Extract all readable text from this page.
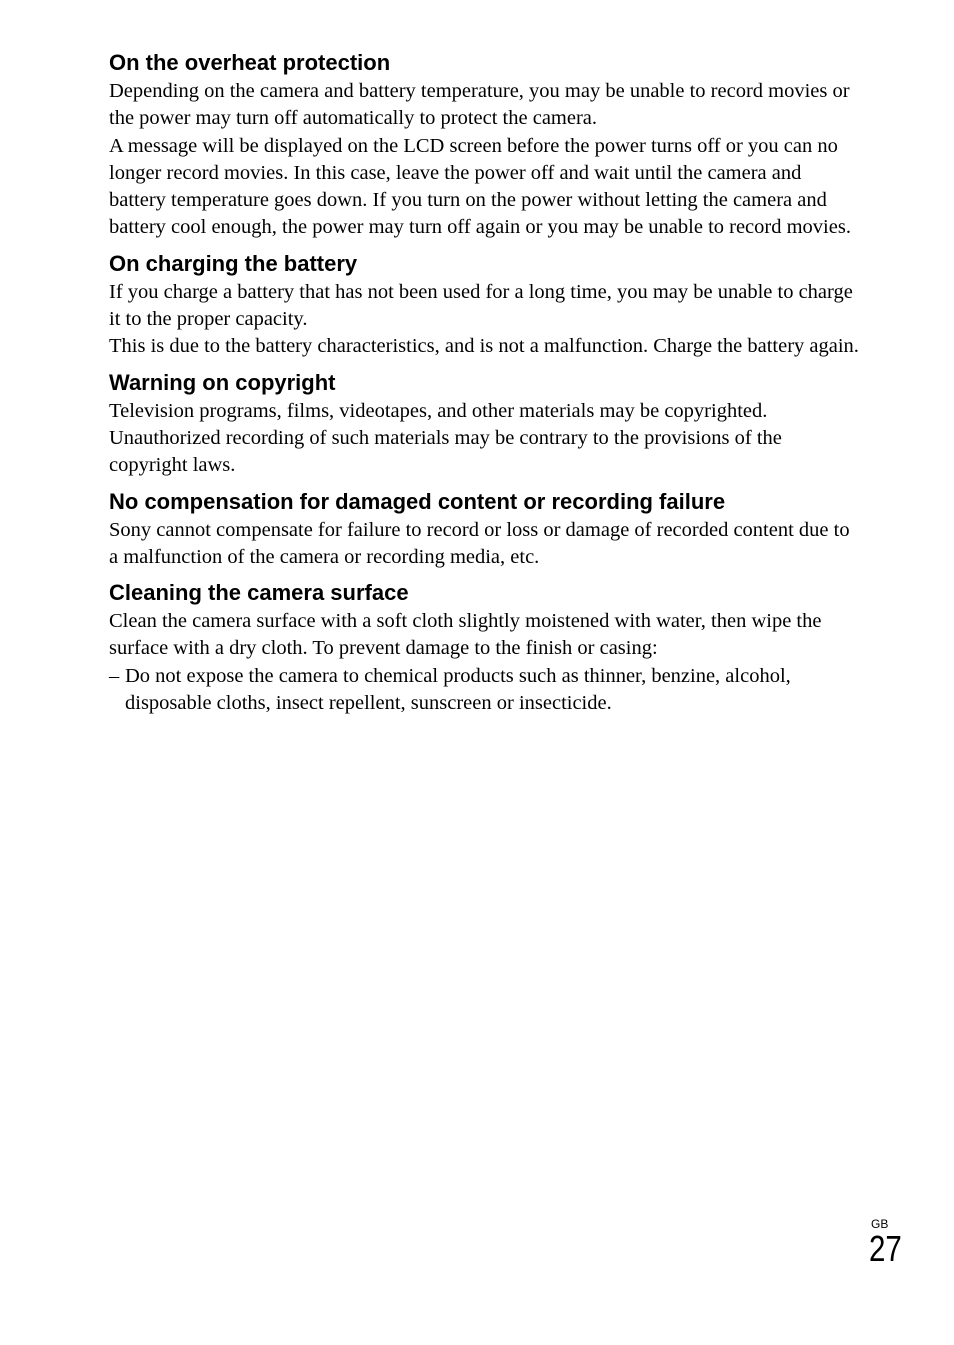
On the overheat protection

Depending on the camera and battery temperature, you may be unable to record movies or the power may turn off automatically to protect the camera.

A message will be displayed on the LCD screen before the power turns off or you can no longer record movies. In this case, leave the power off and wait until the camera and battery temperature goes down. If you turn on the power without letting the camera and battery cool enough, the power may turn off again or you may be unable to record movies.

On charging the battery

If you charge a battery that has not been used for a long time, you may be unable to charge it to the proper capacity.

This is due to the battery characteristics, and is not a malfunction. Charge the battery again.

Warning on copyright

Television programs, films, videotapes, and other materials may be copyrighted. Unauthorized recording of such materials may be contrary to the provisions of the copyright laws.

No compensation for damaged content or recording failure

Sony cannot compensate for failure to record or loss or damage of recorded content due to a malfunction of the camera or recording media, etc.

Cleaning the camera surface

Clean the camera surface with a soft cloth slightly moistened with water, then wipe the surface with a dry cloth. To prevent damage to the finish or casing:

– Do not expose the camera to chemical products such as thinner, benzine, alcohol, disposable cloths, insect repellent, sunscreen or insecticide.
GB
27
